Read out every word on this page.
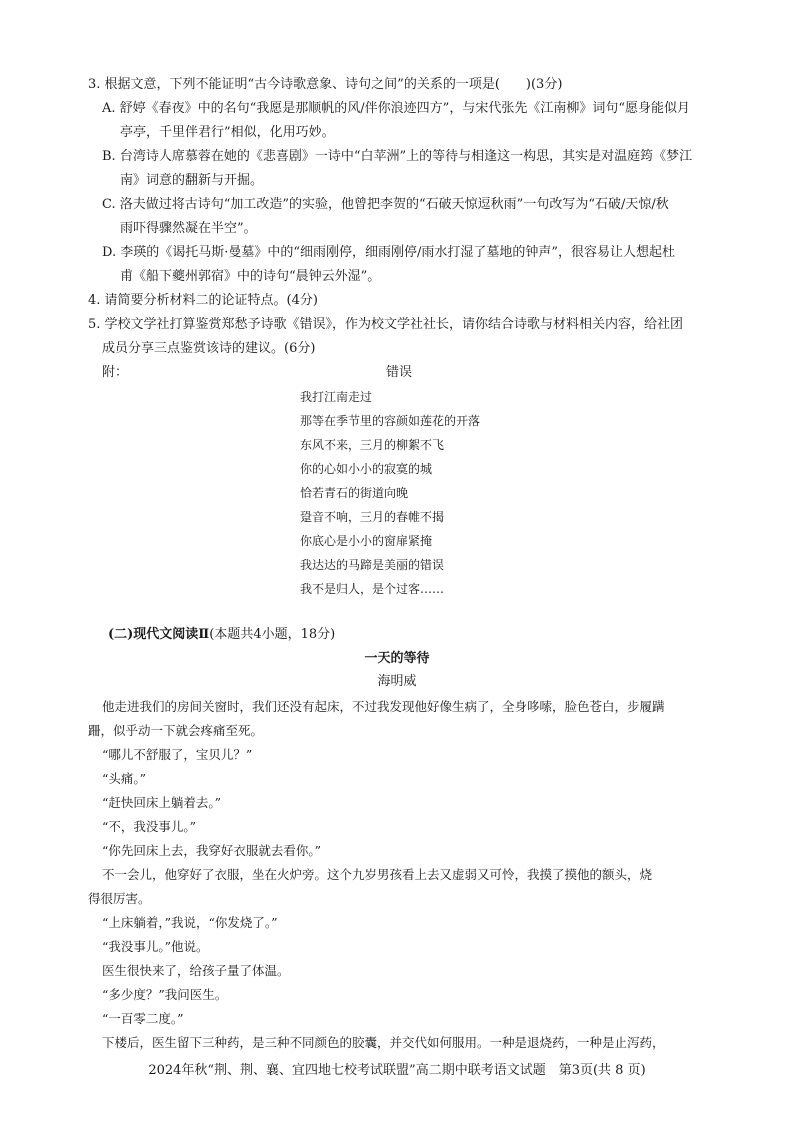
3. 根据文意，下列不能证明“古今诗歌意象、诗句之间”的关系的一项是(　　)(3分)
A. 舒婷《春夜》中的名句“我愿是那顺帆的风/伴你浪迹四方”，与宋代张先《江南柳》词句“愿身能似月
亭亭，千里伴君行”相似，化用巧妙。
B. 台湾诗人席慕蓉在她的《悲喜剧》一诗中“白苹洲”上的等待与相逢这一构思，其实是对温庭筠《梦江
南》词意的翻新与开掘。
C. 洛夫做过将古诗句“加工改造”的实验，他曾把李贺的“石破天惊逗秋雨”一句改写为“石破/天惊/秋
雨吓得骤然凝在半空”。
D. 李瑛的《谒托马斯·曼墓》中的“细雨刚停，细雨刚停/雨水打湿了墓地的钟声”，很容易让人想起杜
甫《船下夔州郭宿》中的诗句“晨钟云外湿”。
4. 请简要分析材料二的论证特点。(4分)
5. 学校文学社打算鉴赏郑愁予诗歌《错误》，作为校文学社社长，请你结合诗歌与材料相关内容，给社团
成员分享三点鉴赏该诗的建议。(6分)
附：	错误
我打江南走过
那等在季节里的容颜如莲花的开落
东风不来，三月的柳絮不飞
你的心如小小的寂寞的城
恰若青石的街道向晚
跫音不响，三月的春帷不揭
你底心是小小的窗扉紧掩
我达达的马蹄是美丽的错误
我不是归人，是个过客……
(二)现代文阅读Ⅱ(本题共4小题，18分)
一天的等待
海明威
他走进我们的房间关窗时，我们还没有起床，不过我发现他好像生病了，全身哆嗦，脸色苍白，步履蹒
跚，似乎动一下就会疼痛至死。
“哪儿不舒服了，宝贝儿？”
“头痛。”
“赶快回床上躺着去。”
“不，我没事儿。”
“你先回床上去，我穿好衣服就去看你。”
不一会儿，他穿好了衣服，坐在火炉旁。这个九岁男孩看上去又虚弱又可怜，我摸了摸他的额头，烧
得很厉害。
“上床躺着，”我说，“你发烧了。”
“我没事儿。”他说。
医生很快来了，给孩子量了体温。
“多少度？”我问医生。
“一百零二度。”
下楼后，医生留下三种药，是三种不同颜色的胶囊，并交代如何服用。一种是退烧药，一种是止泻药，
2024年秋“荆、荆、襄、宜四地七校考试联盟”高二期中联考语文试题　第3页(共 8 页)
